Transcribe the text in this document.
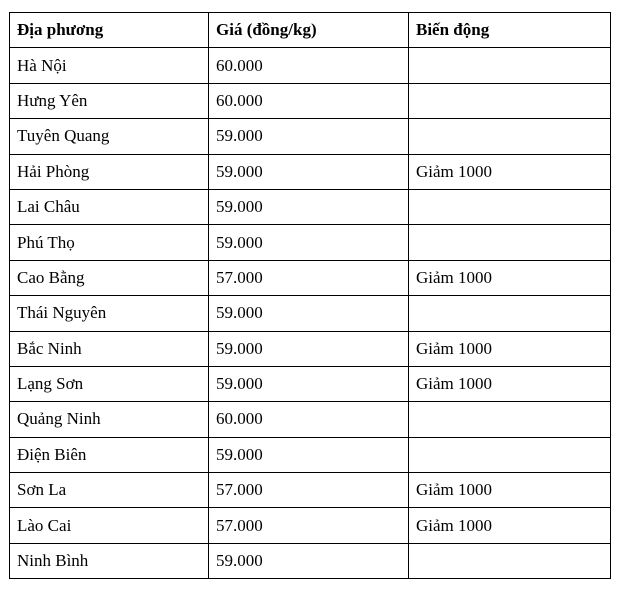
Địa phương	Giá (đồng/kg)	Biến động
Hà Nội	60.000	
Hưng Yên	60.000	
Tuyên Quang	59.000	
Hải Phòng	59.000	Giảm 1000
Lai Châu	59.000	
Phú Thọ	59.000	
Cao Bằng	57.000	Giảm 1000
Thái Nguyên	59.000	
Bắc Ninh	59.000	Giảm 1000
Lạng Sơn	59.000	Giảm 1000
Quảng Ninh	60.000	
Điện Biên	59.000	
Sơn La	57.000	Giảm 1000
Lào Cai	57.000	Giảm 1000
Ninh Bình	59.000	
